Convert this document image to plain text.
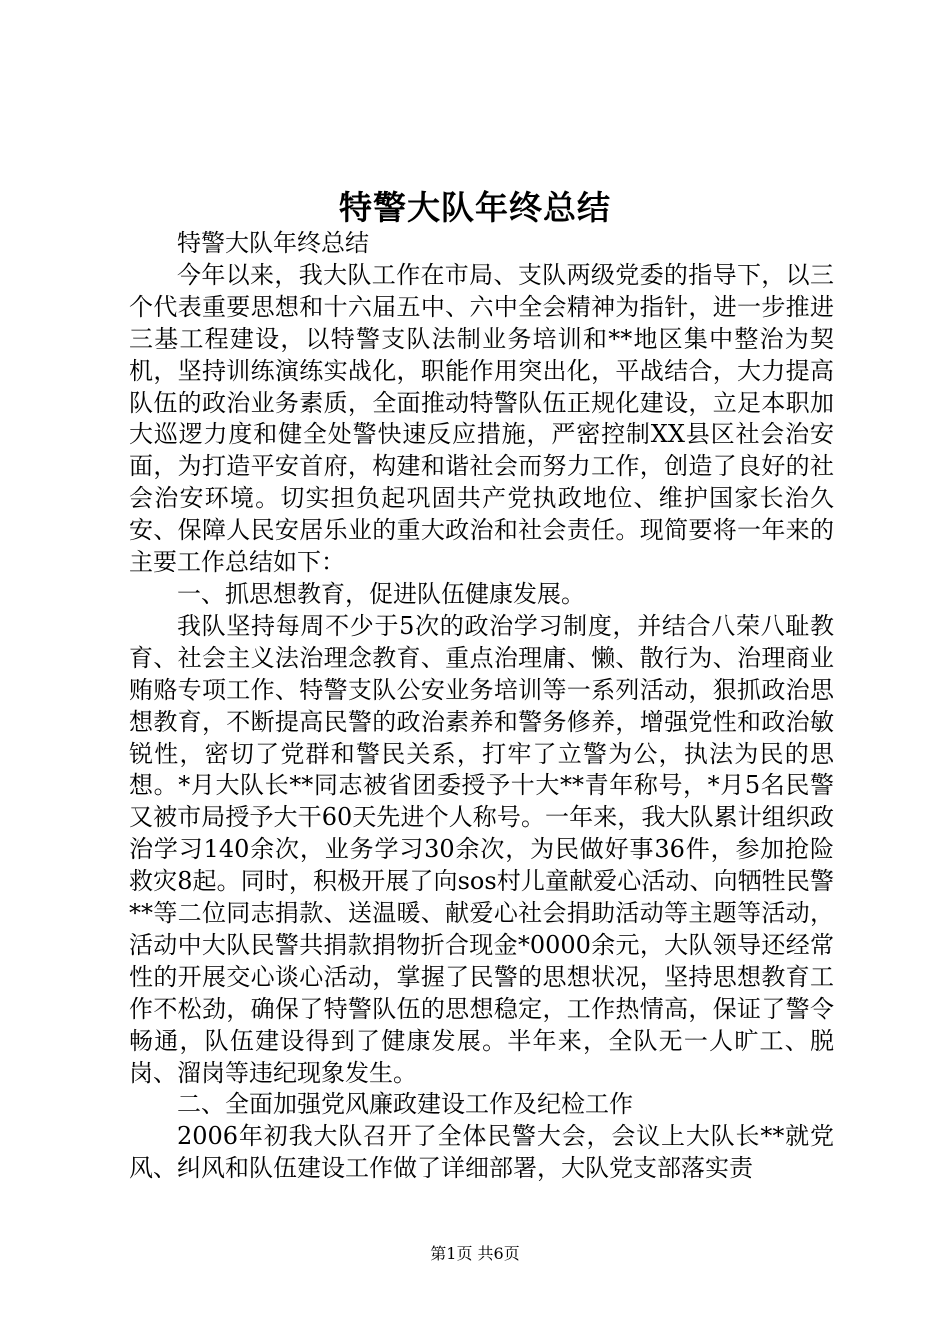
特警大队年终总结

特警大队年终总结

今年以来，我大队工作在市局、支队两级党委的指导下，以三个代表重要思想和十六届五中、六中全会精神为指针，进一步推进三基工程建设，以特警支队法制业务培训和**地区集中整治为契机，坚持训练演练实战化，职能作用突出化，平战结合，大力提高队伍的政治业务素质，全面推动特警队伍正规化建设，立足本职加大巡逻力度和健全处警快速反应措施，严密控制XX县区社会治安面，为打造平安首府，构建和谐社会而努力工作，创造了良好的社会治安环境。切实担负起巩固共产党执政地位、维护国家长治久安、保障人民安居乐业的重大政治和社会责任。现简要将一年来的主要工作总结如下：

一、抓思想教育，促进队伍健康发展。

我队坚持每周不少于5次的政治学习制度，并结合八荣八耻教育、社会主义法治理念教育、重点治理庸、懒、散行为、治理商业贿赂专项工作、特警支队公安业务培训等一系列活动，狠抓政治思想教育，不断提高民警的政治素养和警务修养，增强党性和政治敏锐性，密切了党群和警民关系，打牢了立警为公，执法为民的思想。*月大队长**同志被省团委授予十大**青年称号，*月5名民警又被市局授予大干60天先进个人称号。一年来，我大队累计组织政治学习140余次，业务学习30余次，为民做好事36件，参加抢险救灾8起。同时，积极开展了向sos村儿童献爱心活动、向牺牲民警**等二位同志捐款、送温暖、献爱心社会捐助活动等主题等活动，活动中大队民警共捐款捐物折合现金*0000余元，大队领导还经常性的开展交心谈心活动，掌握了民警的思想状况，坚持思想教育工作不松劲，确保了特警队伍的思想稳定，工作热情高，保证了警令畅通，队伍建设得到了健康发展。半年来，全队无一人旷工、脱岗、溜岗等违纪现象发生。

二、全面加强党风廉政建设工作及纪检工作

2006年初我大队召开了全体民警大会，会议上大队长**就党风、纠风和队伍建设工作做了详细部署，大队党支部落实责

第1页 共6页
